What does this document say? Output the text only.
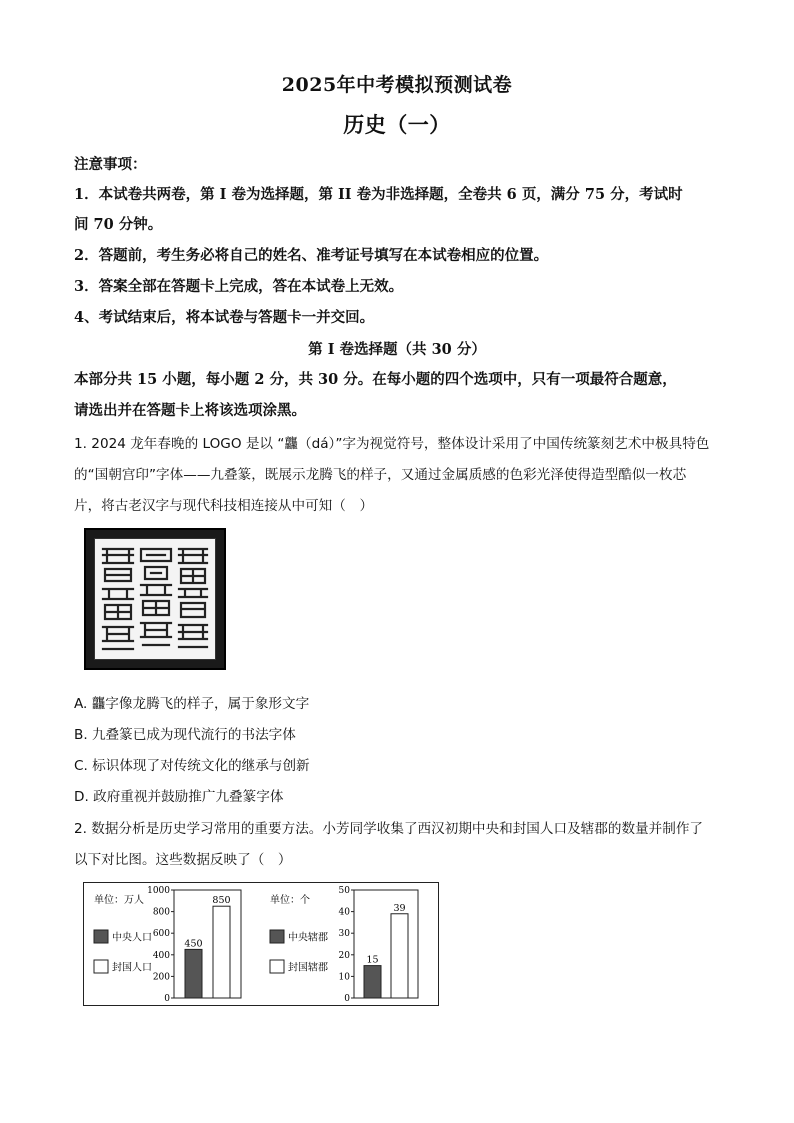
2025年中考模拟预测试卷
历史（一）
注意事项：
1．本试卷共两卷，第 I 卷为选择题，第 II 卷为非选择题，全卷共 6 页，满分 75 分，考试时
间 70 分钟。
2．答题前，考生务必将自己的姓名、准考证号填写在本试卷相应的位置。
3．答案全部在答题卡上完成，答在本试卷上无效。
4、考试结束后，将本试卷与答题卡一并交回。
第 I 卷选择题（共 30 分）
本部分共 15 小题，每小题 2 分，共 30 分。在每小题的四个选项中，只有一项最符合题意，
请选出并在答题卡上将该选项涂黑。
1. 2024 龙年春晚的 LOGO 是以 “龘（dá）”字为视觉符号，整体设计采用了中国传统篆刻艺术中极具特色
的“国朝宫印”字体——九叠篆，既展示龙腾飞的样子，又通过金属质感的色彩光泽使得造型酷似一枚芯
片，将古老汉字与现代科技相连接从中可知（　）
A. 龘字像龙腾飞的样子，属于象形文字
B. 九叠篆已成为现代流行的书法字体
C. 标识体现了对传统文化的继承与创新
D. 政府重视并鼓励推广九叠篆字体
2. 数据分析是历史学习常用的重要方法。小芳同学收集了西汉初期中央和封国人口及辖郡的数量并制作了
以下对比图。这些数据反映了（　）
单位：万人
0
200
400
600
800
1000
450
850
中央人口
封国人口
单位：个
0
10
20
30
40
50
15
39
中央辖郡
封国辖郡
